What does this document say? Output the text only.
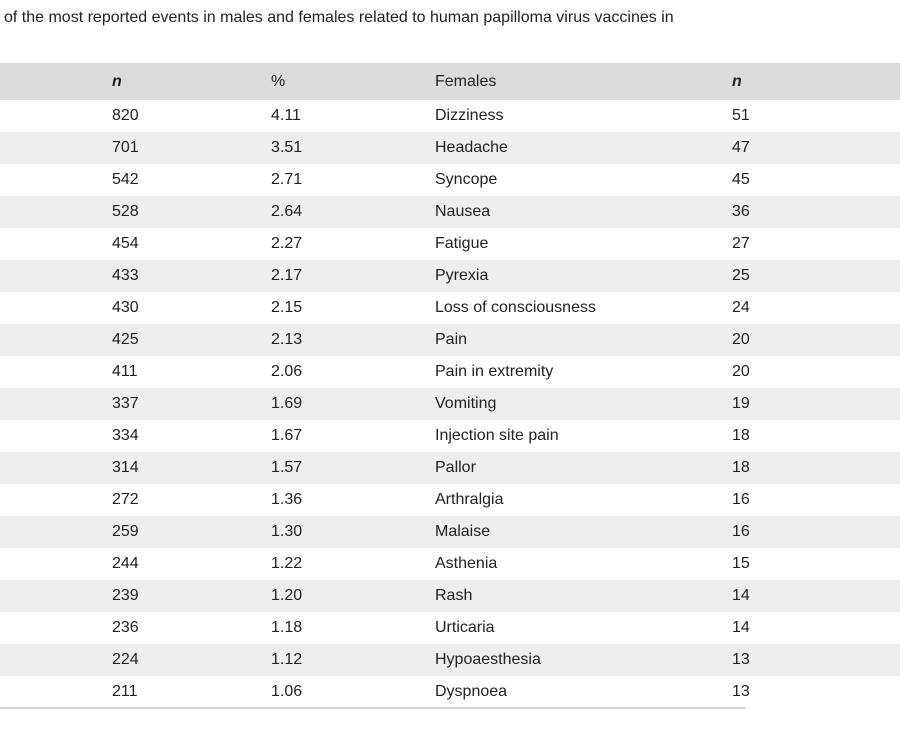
of the most reported events in males and females related to human papilloma virus vaccines in
	n	%	Females	n
	820	4.11	Dizziness	51
	701	3.51	Headache	47
	542	2.71	Syncope	45
	528	2.64	Nausea	36
	454	2.27	Fatigue	27
	433	2.17	Pyrexia	25
	430	2.15	Loss of consciousness	24
	425	2.13	Pain	20
	411	2.06	Pain in extremity	20
	337	1.69	Vomiting	19
	334	1.67	Injection site pain	18
	314	1.57	Pallor	18
	272	1.36	Arthralgia	16
	259	1.30	Malaise	16
	244	1.22	Asthenia	15
	239	1.20	Rash	14
	236	1.18	Urticaria	14
	224	1.12	Hypoaesthesia	13
	211	1.06	Dyspnoea	13
